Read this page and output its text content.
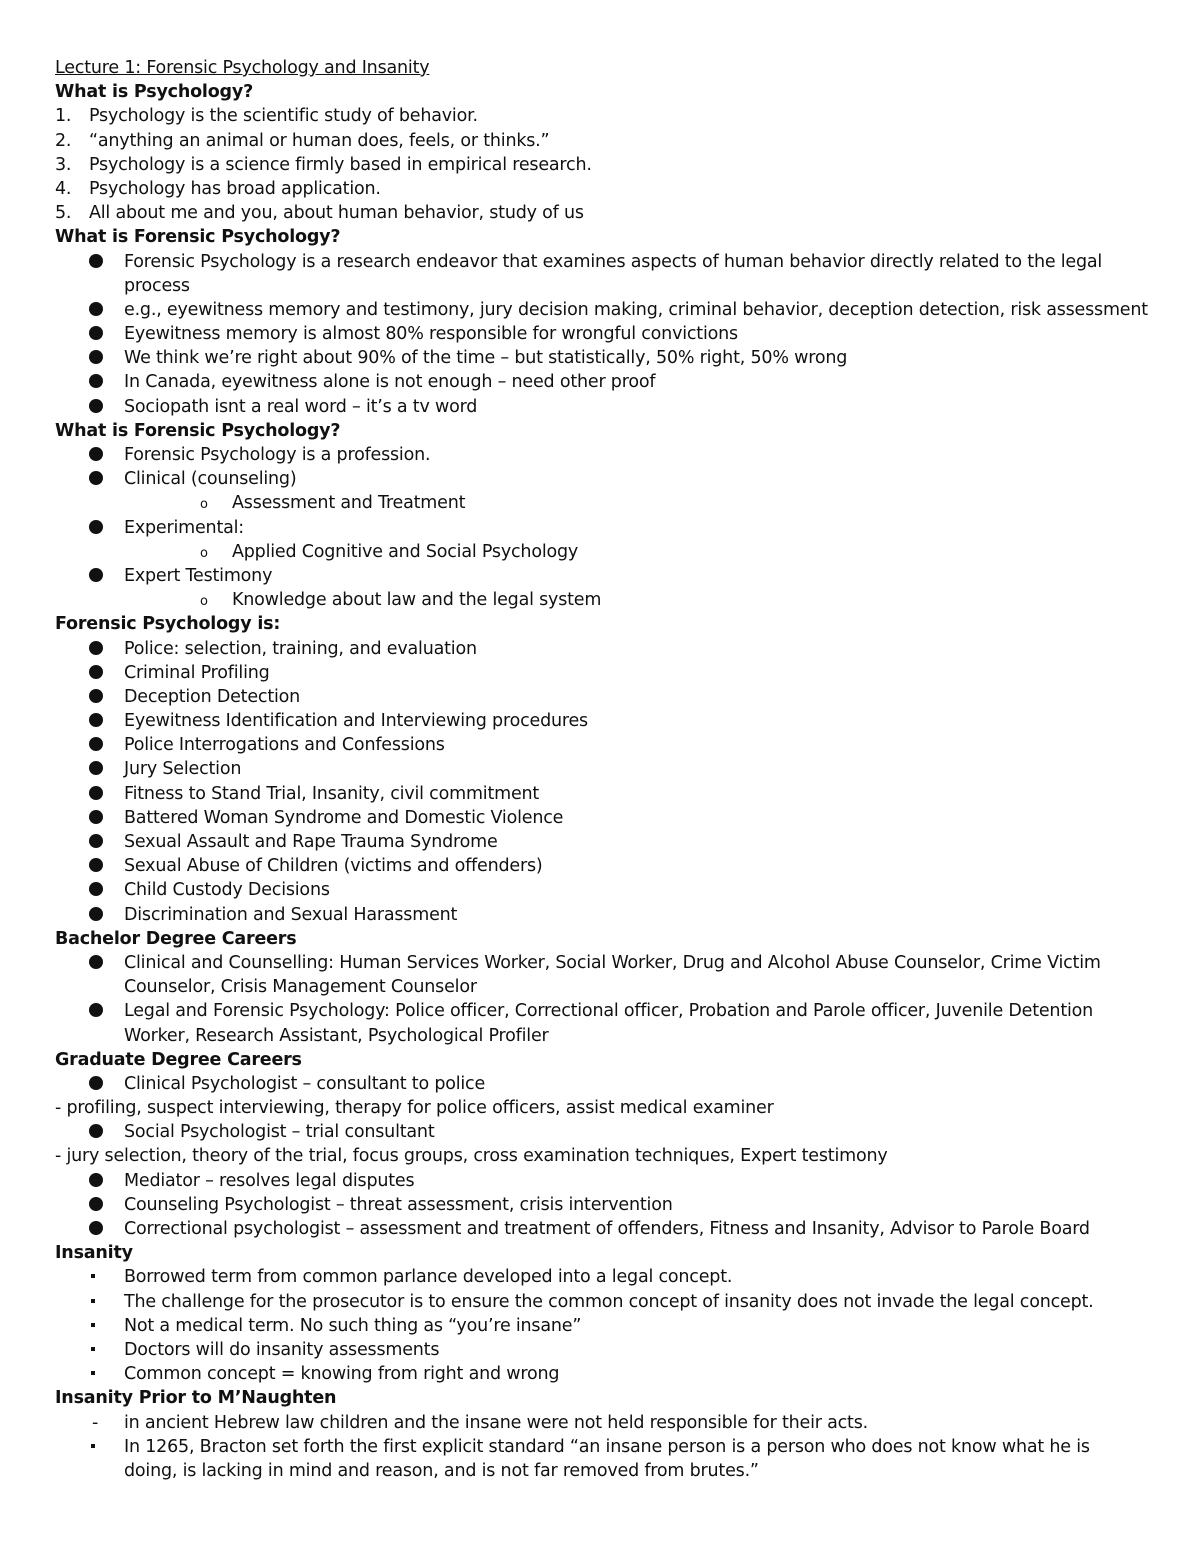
Lecture 1: Forensic Psychology and Insanity
What is Psychology?
1. Psychology is the scientific study of behavior.
2. “anything an animal or human does, feels, or thinks.”
3. Psychology is a science firmly based in empirical research.
4. Psychology has broad application.
5. All about me and you, about human behavior, study of us
What is Forensic Psychology?
Forensic Psychology is a research endeavor that examines aspects of human behavior directly related to the legal
process
e.g., eyewitness memory and testimony, jury decision making, criminal behavior, deception detection, risk assessment
Eyewitness memory is almost 80% responsible for wrongful convictions
We think we’re right about 90% of the time – but statistically, 50% right, 50% wrong
In Canada, eyewitness alone is not enough – need other proof
Sociopath isnt a real word – it’s a tv word
What is Forensic Psychology?
Forensic Psychology is a profession.
Clinical (counseling)
o Assessment and Treatment
Experimental:
o Applied Cognitive and Social Psychology
Expert Testimony
o Knowledge about law and the legal system
Forensic Psychology is:
Police: selection, training, and evaluation
Criminal Profiling
Deception Detection
Eyewitness Identification and Interviewing procedures
Police Interrogations and Confessions
Jury Selection
Fitness to Stand Trial, Insanity, civil commitment
Battered Woman Syndrome and Domestic Violence
Sexual Assault and Rape Trauma Syndrome
Sexual Abuse of Children (victims and offenders)
Child Custody Decisions
Discrimination and Sexual Harassment
Bachelor Degree Careers
Clinical and Counselling: Human Services Worker, Social Worker, Drug and Alcohol Abuse Counselor, Crime Victim
Counselor, Crisis Management Counselor
Legal and Forensic Psychology: Police officer, Correctional officer, Probation and Parole officer, Juvenile Detention
Worker, Research Assistant, Psychological Profiler
Graduate Degree Careers
Clinical Psychologist – consultant to police
- profiling, suspect interviewing, therapy for police officers, assist medical examiner
Social Psychologist – trial consultant
- jury selection, theory of the trial, focus groups, cross examination techniques, Expert testimony
Mediator – resolves legal disputes
Counseling Psychologist – threat assessment, crisis intervention
Correctional psychologist – assessment and treatment of offenders, Fitness and Insanity, Advisor to Parole Board
Insanity
Borrowed term from common parlance developed into a legal concept.
The challenge for the prosecutor is to ensure the common concept of insanity does not invade the legal concept.
Not a medical term. No such thing as “you’re insane”
Doctors will do insanity assessments
Common concept = knowing from right and wrong
Insanity Prior to M’Naughten
- in ancient Hebrew law children and the insane were not held responsible for their acts.
In 1265, Bracton set forth the first explicit standard “an insane person is a person who does not know what he is
doing, is lacking in mind and reason, and is not far removed from brutes.”
